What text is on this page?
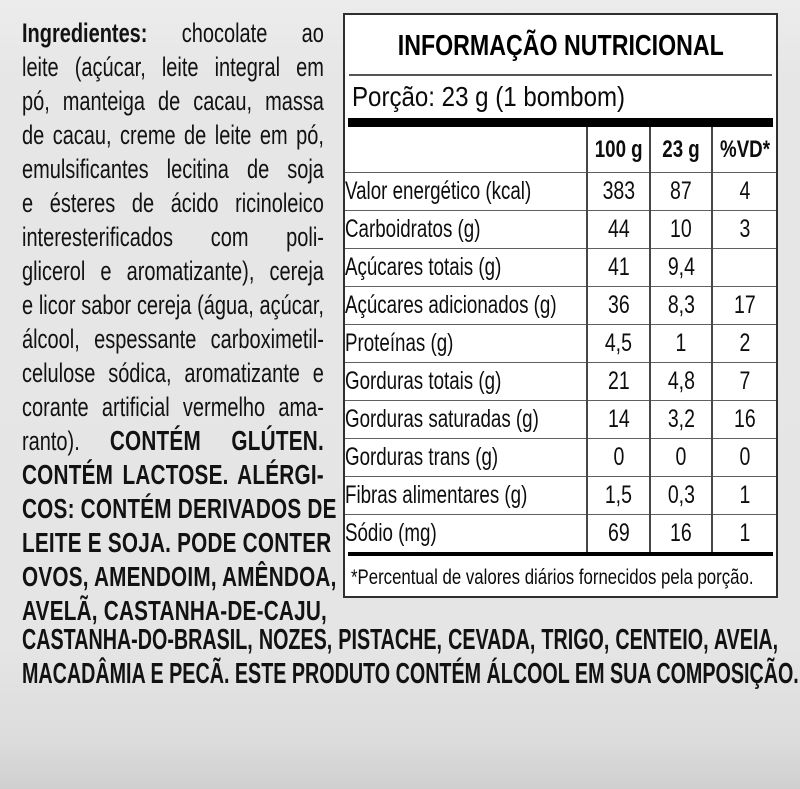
Ingredientes: chocolate ao
leite (açúcar, leite integral em
pó, manteiga de cacau, massa
de cacau, creme de leite em pó,
emulsificantes lecitina de soja
e ésteres de ácido ricinoleico
interesterificados com poli-
glicerol e aromatizante), cereja
e licor sabor cereja (água, açúcar,
álcool, espessante carboximetil-
celulose sódica, aromatizante e
corante artificial vermelho ama-
ranto). CONTÉM GLÚTEN.
CONTÉM LACTOSE. ALÉRGI-
COS: CONTÉM DERIVADOS DE
LEITE E SOJA. PODE CONTER
OVOS, AMENDOIM, AMÊNDOA,
AVELÃ, CASTANHA-DE-CAJU,
CASTANHA-DO-BRASIL, NOZES, PISTACHE, CEVADA, TRIGO, CENTEIO, AVEIA,
MACADÂMIA E PECÃ. ESTE PRODUTO CONTÉM ÁLCOOL EM SUA COMPOSIÇÃO.
INFORMAÇÃO NUTRICIONAL
Porção: 23 g (1 bombom)
	100 g	23 g	%VD*
Valor energético (kcal)	383	87	4
Carboidratos (g)	44	10	3
Açúcares totais (g)	41	9,4	
Açúcares adicionados (g)	36	8,3	17
Proteínas (g)	4,5	1	2
Gorduras totais (g)	21	4,8	7
Gorduras saturadas (g)	14	3,2	16
Gorduras trans (g)	0	0	0
Fibras alimentares (g)	1,5	0,3	1
Sódio (mg)	69	16	1
*Percentual de valores diários fornecidos pela porção.
